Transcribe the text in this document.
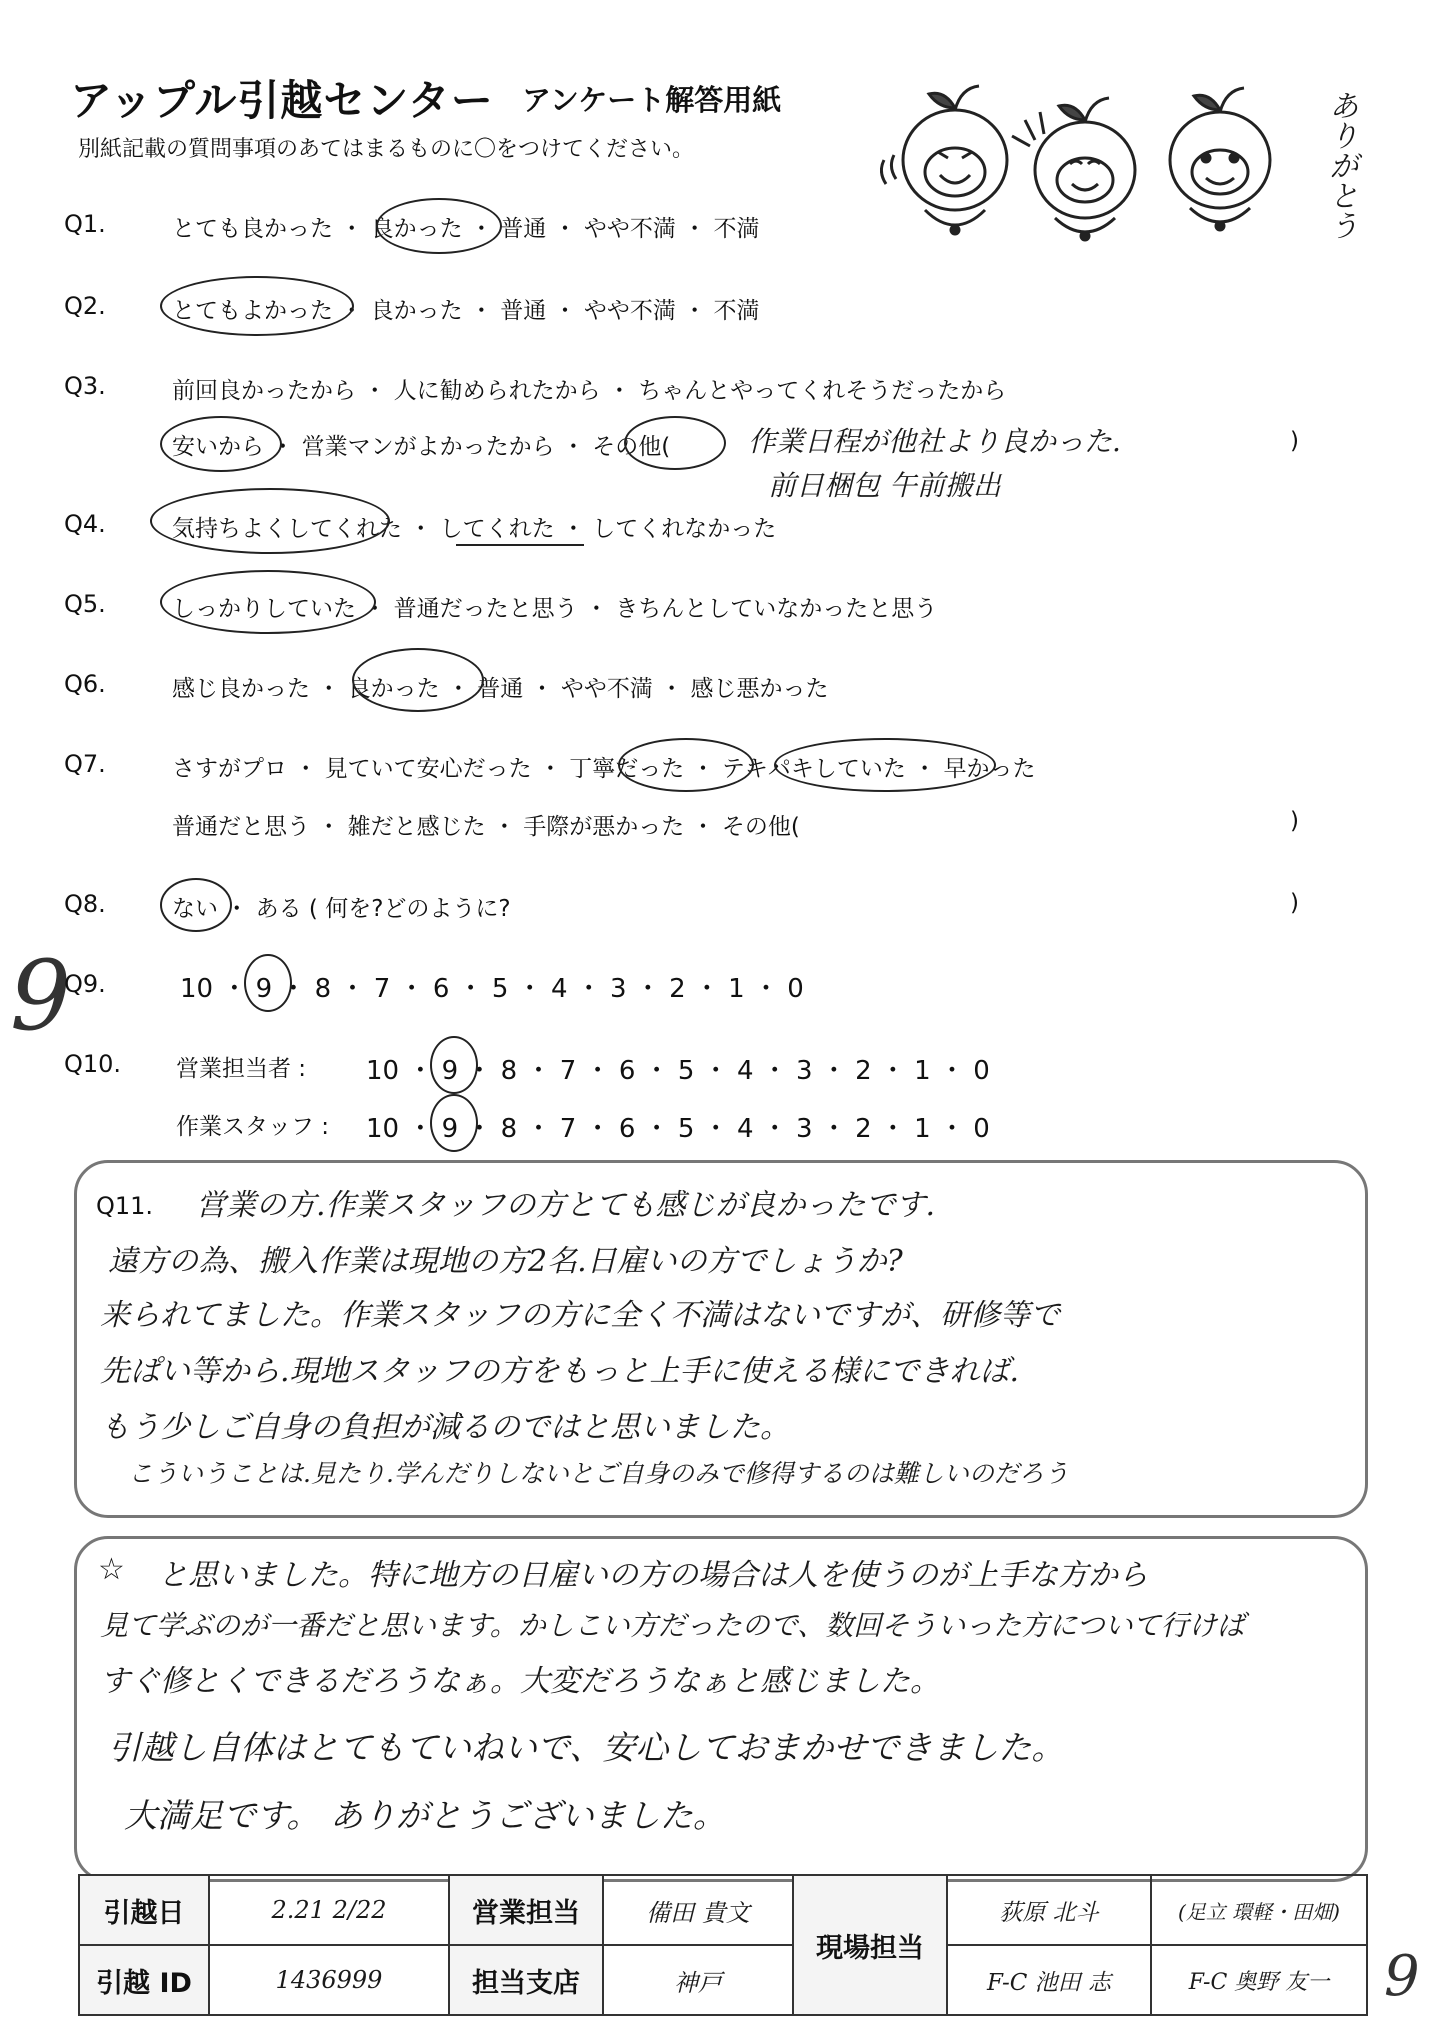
アップル引越センター アンケート解答用紙
別紙記載の質問事項のあてはまるものに〇をつけてください。	ありがとう
Q1.	とても良かった ・ 良かった ・ 普通 ・ やや不満 ・ 不満
Q2.	とてもよかった ・ 良かった ・ 普通 ・ やや不満 ・ 不満
Q3.	前回良かったから ・ 人に勧められたから ・ ちゃんとやってくれそうだったから
安いから ・ 営業マンがよかったから ・ その他(	)
作業日程が他社より良かった.
前日梱包 午前搬出
Q4.	気持ちよくしてくれた ・ してくれた ・ してくれなかった
Q5.	しっかりしていた ・ 普通だったと思う ・ きちんとしていなかったと思う
Q6.	感じ良かった ・ 良かった ・ 普通 ・ やや不満 ・ 感じ悪かった
Q7.	さすがプロ ・ 見ていて安心だった ・ 丁寧だった ・ テキパキしていた ・ 早かった
普通だと思う ・ 雑だと感じた ・ 手際が悪かった ・ その他(	)
Q8.	ない ・ ある ( 何を?どのように?	)
9
Q9.	10 ・ 9 ・ 8 ・ 7 ・ 6 ・ 5 ・ 4 ・ 3 ・ 2 ・ 1 ・ 0
Q10. 営業担当者 : 10 ・ 9 ・ 8 ・ 7 ・ 6 ・ 5 ・ 4 ・ 3 ・ 2 ・ 1 ・ 0
作業スタッフ : 10 ・ 9 ・ 8 ・ 7 ・ 6 ・ 5 ・ 4 ・ 3 ・ 2 ・ 1 ・ 0
Q11. 営業の方.作業スタッフの方とても感じが良かったです.
遠方の為、搬入作業は現地の方2名.日雇いの方でしょうか?
来られてました。作業スタッフの方に全く不満はないですが、研修等で
先ぱい等から.現地スタッフの方をもっと上手に使える様にできれば.
もう少しご自身の負担が減るのではと思いました。
こういうことは.見たり.学んだりしないとご自身のみで修得するのは難しいのだろう
☆ と思いました。特に地方の日雇いの方の場合は人を使うのが上手な方から
見て学ぶのが一番だと思います。かしこい方だったので、数回そういった方について行けば
すぐ修とくできるだろうなぁ。大変だろうなぁと感じました。
引越し自体はとてもていねいで、安心しておまかせできました。
大満足です。 ありがとうございました。
引越日	2.21 2/22	営業担当	備田 貴文	現場担当	荻原 北斗	(足立 環軽・田畑)
引越 ID	1436999	担当支店	神戸		F-C 池田 志	F-C 奥野 友一 9
